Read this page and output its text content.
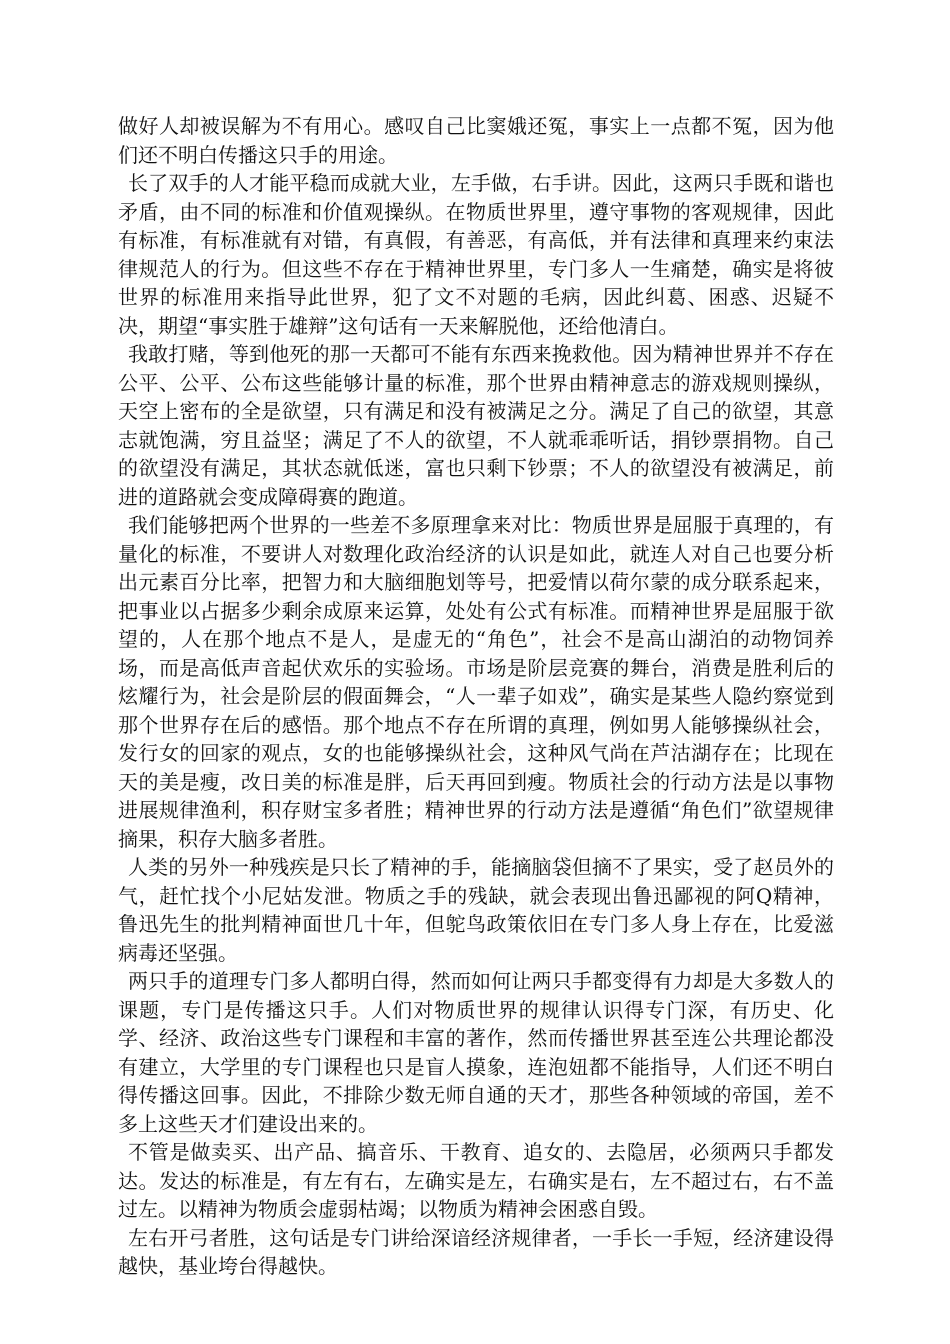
做好人却被误解为不有用心。感叹自己比窦娥还冤，事实上一点都不冤，因为他们还不明白传播这只手的用途。

长了双手的人才能平稳而成就大业，左手做，右手讲。因此，这两只手既和谐也矛盾，由不同的标准和价值观操纵。在物质世界里，遵守事物的客观规律，因此有标准，有标准就有对错，有真假，有善恶，有高低，并有法律和真理来约束法律规范人的行为。但这些不存在于精神世界里，专门多人一生痛楚，确实是将彼世界的标准用来指导此世界，犯了文不对题的毛病，因此纠葛、困惑、迟疑不决，期望“事实胜于雄辩”这句话有一天来解脱他，还给他清白。

我敢打赌，等到他死的那一天都可不能有东西来挽救他。因为精神世界并不存在公平、公平、公布这些能够计量的标准，那个世界由精神意志的游戏规则操纵，天空上密布的全是欲望，只有满足和没有被满足之分。满足了自己的欲望，其意志就饱满，穷且益坚；满足了不人的欲望，不人就乖乖听话，捐钞票捐物。自己的欲望没有满足，其状态就低迷，富也只剩下钞票；不人的欲望没有被满足，前进的道路就会变成障碍赛的跑道。

我们能够把两个世界的一些差不多原理拿来对比：物质世界是屈服于真理的，有量化的标准，不要讲人对数理化政治经济的认识是如此，就连人对自己也要分析出元素百分比率，把智力和大脑细胞划等号，把爱情以荷尔蒙的成分联系起来，把事业以占据多少剩余成原来运算，处处有公式有标准。而精神世界是屈服于欲望的，人在那个地点不是人，是虚无的“角色”，社会不是高山湖泊的动物饲养场，而是高低声音起伏欢乐的实验场。市场是阶层竞赛的舞台，消费是胜利后的炫耀行为，社会是阶层的假面舞会，“人一辈子如戏”，确实是某些人隐约察觉到那个世界存在后的感悟。那个地点不存在所谓的真理，例如男人能够操纵社会，发行女的回家的观点，女的也能够操纵社会，这种风气尚在芦沽湖存在；比现在天的美是瘦，改日美的标准是胖，后天再回到瘦。物质社会的行动方法是以事物进展规律渔利，积存财宝多者胜；精神世界的行动方法是遵循“角色们”欲望规律摘果，积存大脑多者胜。

人类的另外一种残疾是只长了精神的手，能摘脑袋但摘不了果实，受了赵员外的气，赶忙找个小尼姑发泄。物质之手的残缺，就会表现出鲁迅鄙视的阿Q精神，鲁迅先生的批判精神面世几十年，但鸵鸟政策依旧在专门多人身上存在，比爱滋病毒还坚强。

两只手的道理专门多人都明白得，然而如何让两只手都变得有力却是大多数人的课题，专门是传播这只手。人们对物质世界的规律认识得专门深，有历史、化学、经济、政治这些专门课程和丰富的著作，然而传播世界甚至连公共理论都没有建立，大学里的专门课程也只是盲人摸象，连泡妞都不能指导，人们还不明白得传播这回事。因此，不排除少数无师自通的天才，那些各种领域的帝国，差不多上这些天才们建设出来的。

不管是做卖买、出产品、搞音乐、干教育、追女的、去隐居，必须两只手都发达。发达的标准是，有左有右，左确实是左，右确实是右，左不超过右，右不盖过左。以精神为物质会虚弱枯竭；以物质为精神会困惑自毁。

左右开弓者胜，这句话是专门讲给深谙经济规律者，一手长一手短，经济建设得越快，基业垮台得越快。
